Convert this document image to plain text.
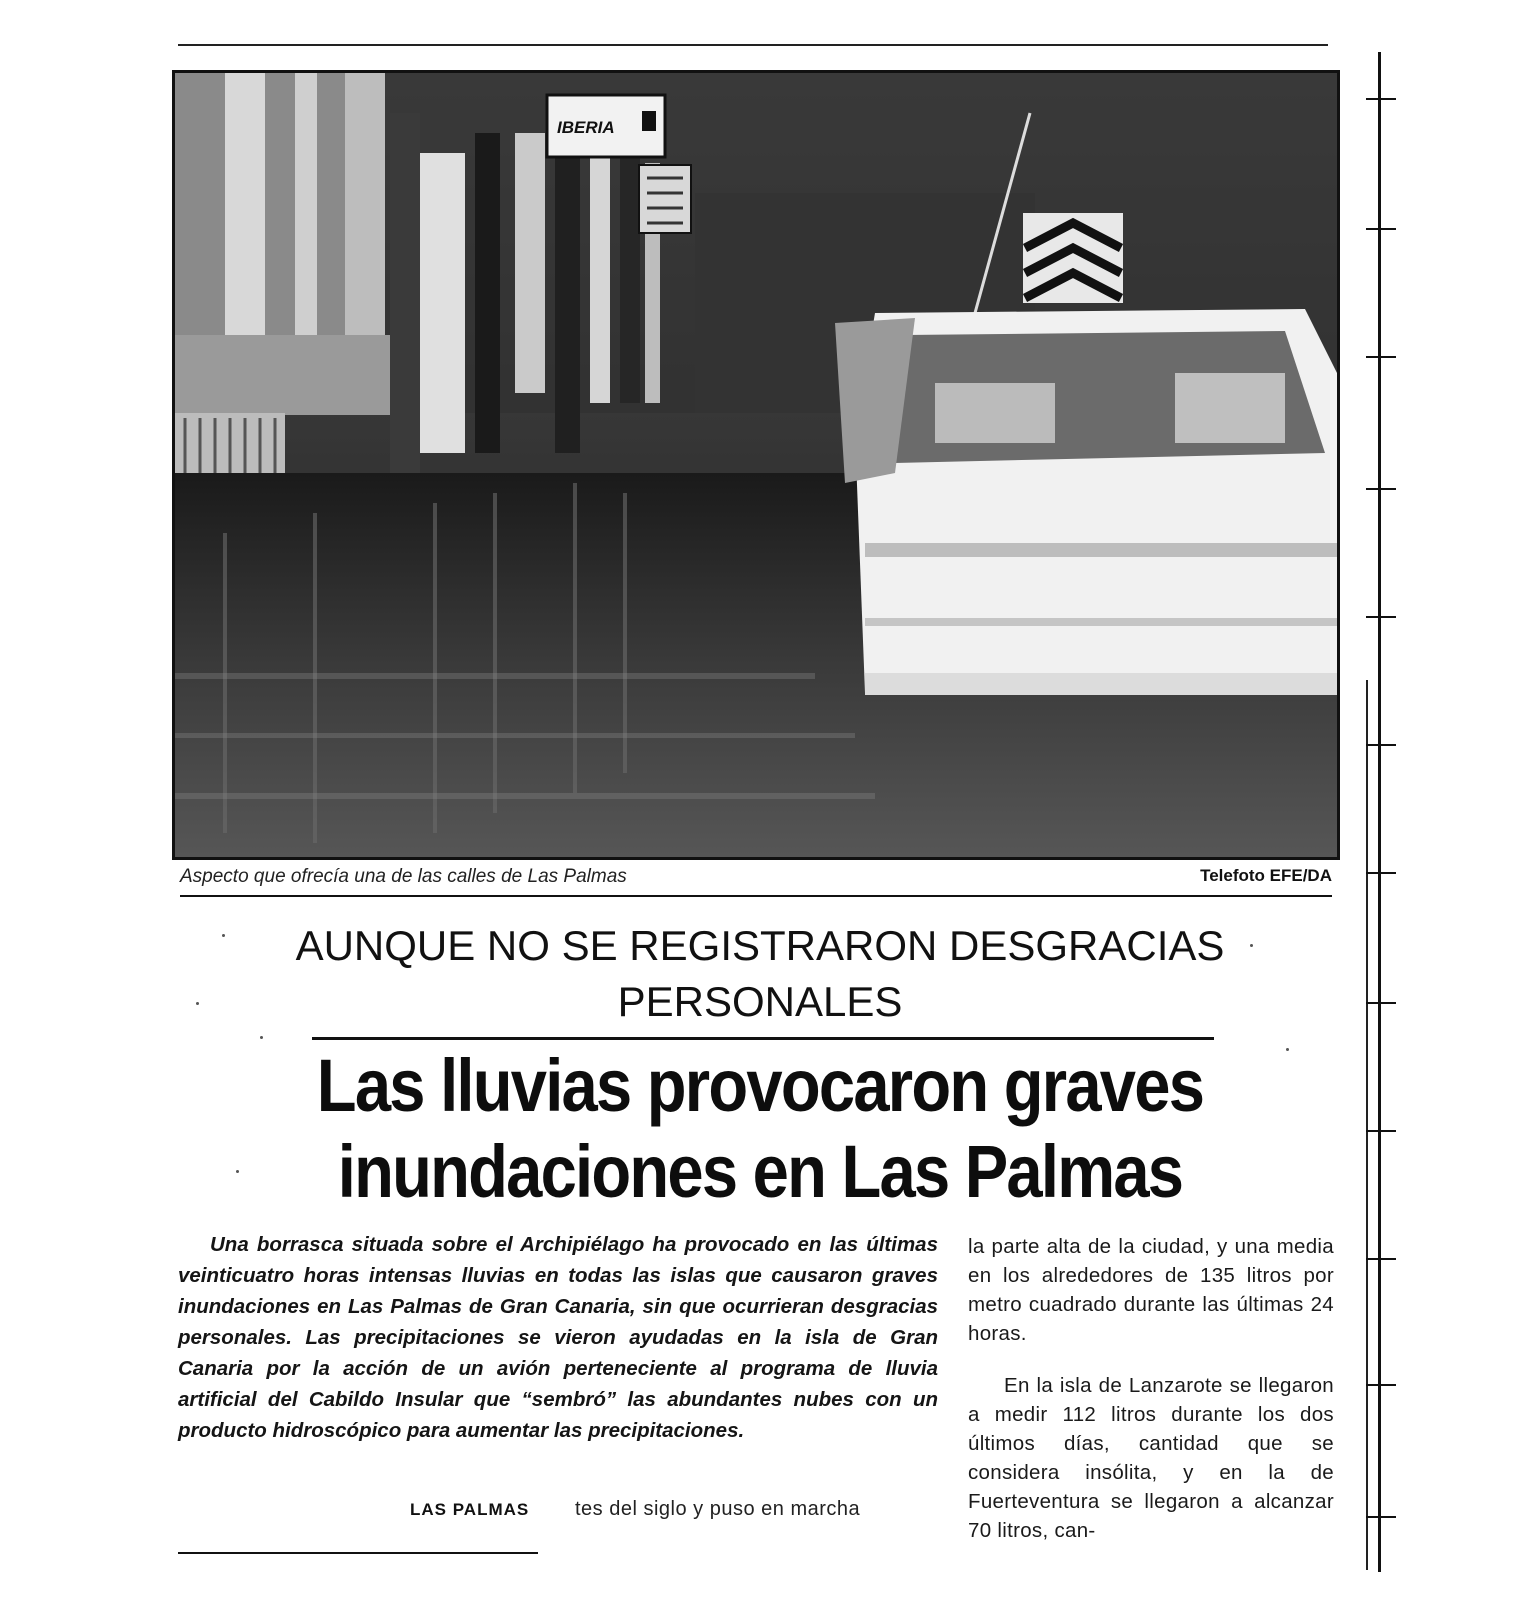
IBERIA
Aspecto que ofrecía una de las calles de Las Palmas	Telefoto EFE/DA
AUNQUE NO SE REGISTRARON DESGRACIAS PERSONALES
Las lluvias provocaron graves inundaciones en Las Palmas

Una borrasca situada sobre el Archipiélago ha provocado en las últimas veinticuatro horas intensas lluvias en todas las islas que causaron graves inundaciones en Las Palmas de Gran Canaria, sin que ocurrieran desgracias personales. Las precipitaciones se vieron ayudadas en la isla de Gran Canaria por la acción de un avión perteneciente al programa de lluvia artificial del Cabildo Insular que “sembró” las abundantes nubes con un producto hidroscópico para aumentar las precipitaciones.

LAS PALMAS tes del siglo y puso en marcha

la parte alta de la ciudad, y una media en los alrededores de 135 litros por metro cuadrado durante las últimas 24 horas.

En la isla de Lanzarote se llegaron a medir 112 litros durante los dos últimos días, cantidad que se considera insólita, y en la de Fuerteventura se llegaron a alcanzar 70 litros, can-
